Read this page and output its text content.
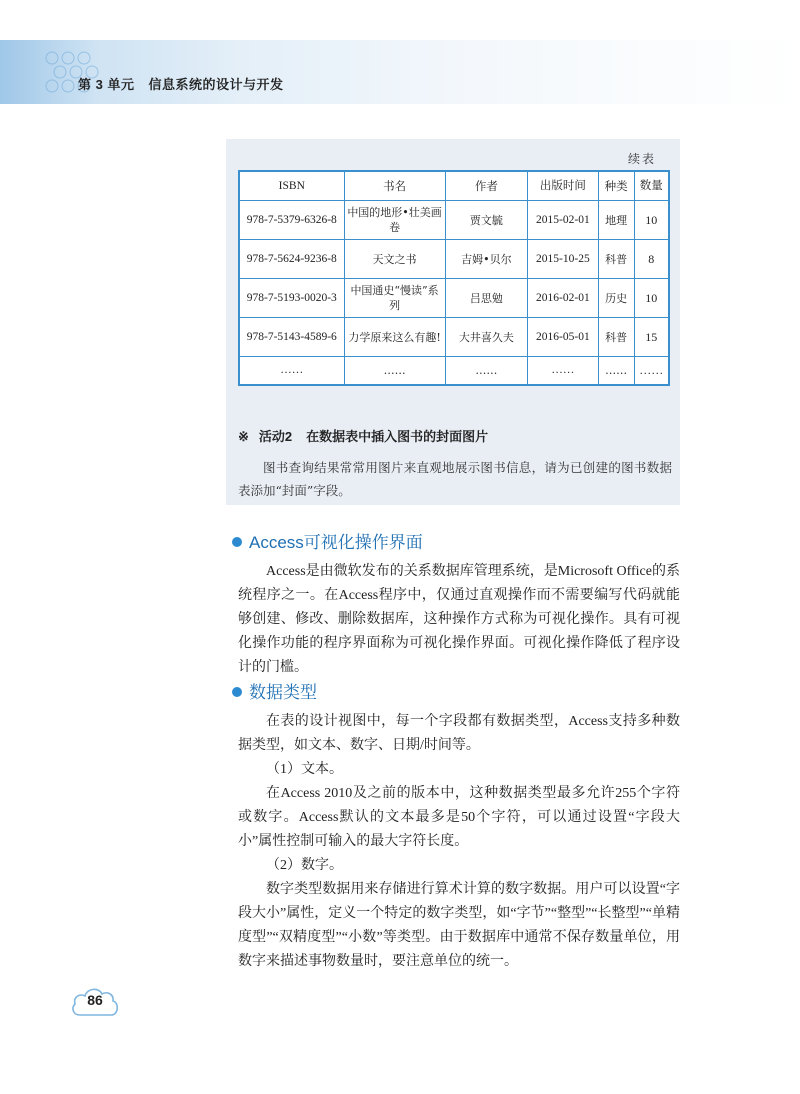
第 3 单元 信息系统的设计与开发
续表
ISBN	书名	作者	出版时间	种类	数量
978-7-5379-6326-8	中国的地形•壮美画卷	贾文毓	2015-02-01	地理	10
978-7-5624-9236-8	天文之书	吉姆•贝尔	2015-10-25	科普	8
978-7-5193-0020-3	中国通史“慢读”系列	吕思勉	2016-02-01	历史	10
978-7-5143-4589-6	力学原来这么有趣!	大井喜久夫	2016-05-01	科普	15
……	……	……	……	……	……
※ 活动2 在数据表中插入图书的封面图片
图书查询结果常常用图片来直观地展示图书信息，请为已创建的图书数据表添加“封面”字段。
Access可视化操作界面
Access是由微软发布的关系数据库管理系统，是Microsoft Office的系统程序之一。在Access程序中，仅通过直观操作而不需要编写代码就能够创建、修改、删除数据库，这种操作方式称为可视化操作。具有可视化操作功能的程序界面称为可视化操作界面。可视化操作降低了程序设计的门槛。
数据类型
在表的设计视图中，每一个字段都有数据类型，Access支持多种数据类型，如文本、数字、日期/时间等。
（1）文本。
在Access 2010及之前的版本中，这种数据类型最多允许255个字符或数字。Access默认的文本最多是50个字符，可以通过设置“字段大小”属性控制可输入的最大字符长度。
（2）数字。
数字类型数据用来存储进行算术计算的数字数据。用户可以设置“字段大小”属性，定义一个特定的数字类型，如“字节”“整型”“长整型”“单精度型”“双精度型”“小数”等类型。由于数据库中通常不保存数量单位，用数字来描述事物数量时，要注意单位的统一。
86
